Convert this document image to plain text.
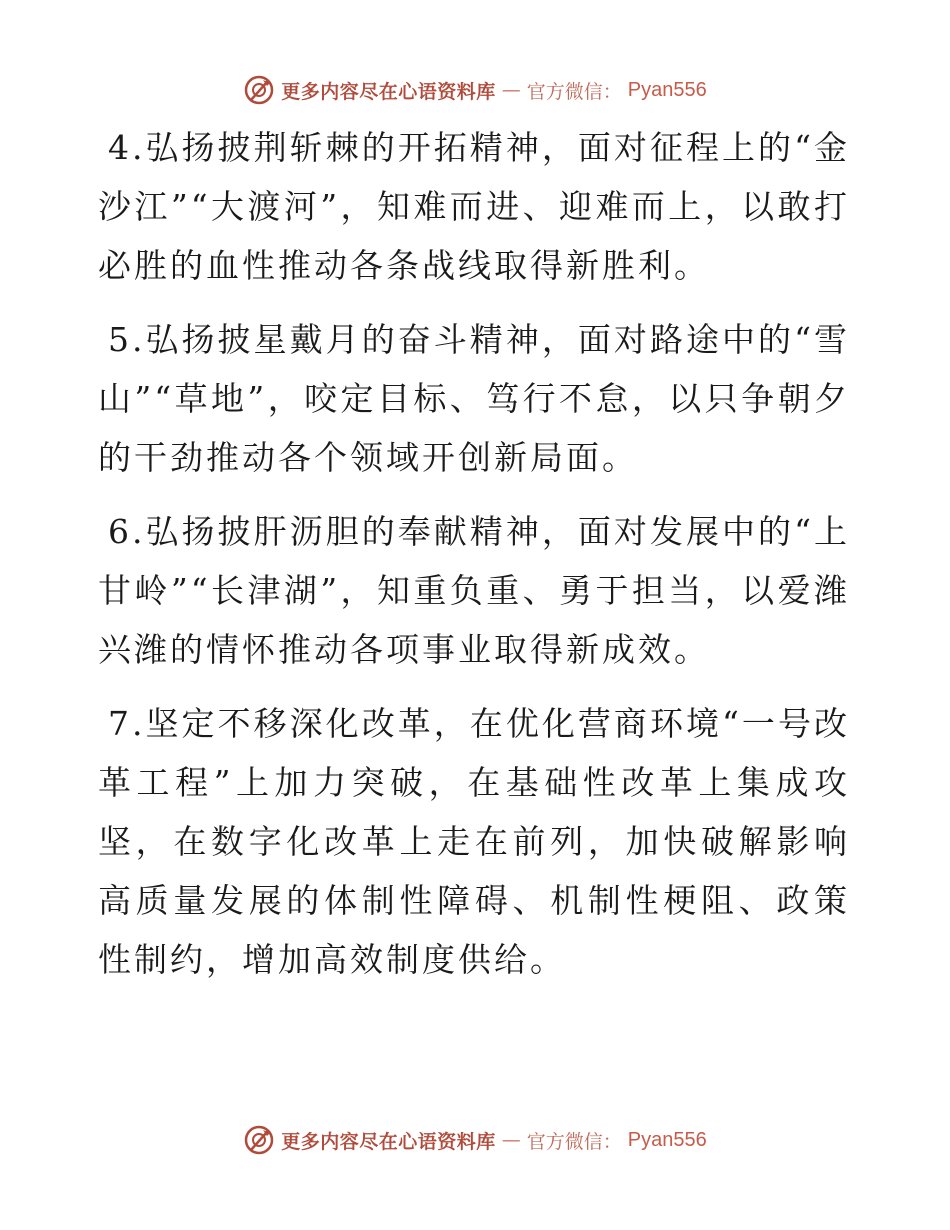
更多内容尽在心语资料库 — 官方微信： Pyan556

4.弘扬披荆斩棘的开拓精神，面对征程上的“金沙江”“大渡河”，知难而进、迎难而上，以敢打必胜的血性推动各条战线取得新胜利。

5.弘扬披星戴月的奋斗精神，面对路途中的“雪山”“草地”，咬定目标、笃行不怠，以只争朝夕的干劲推动各个领域开创新局面。

6.弘扬披肝沥胆的奉献精神，面对发展中的“上甘岭”“长津湖”，知重负重、勇于担当，以爱潍兴潍的情怀推动各项事业取得新成效。

7.坚定不移深化改革，在优化营商环境“一号改革工程”上加力突破，在基础性改革上集成攻坚，在数字化改革上走在前列，加快破解影响高质量发展的体制性障碍、机制性梗阻、政策性制约，增加高效制度供给。

更多内容尽在心语资料库 — 官方微信： Pyan556
